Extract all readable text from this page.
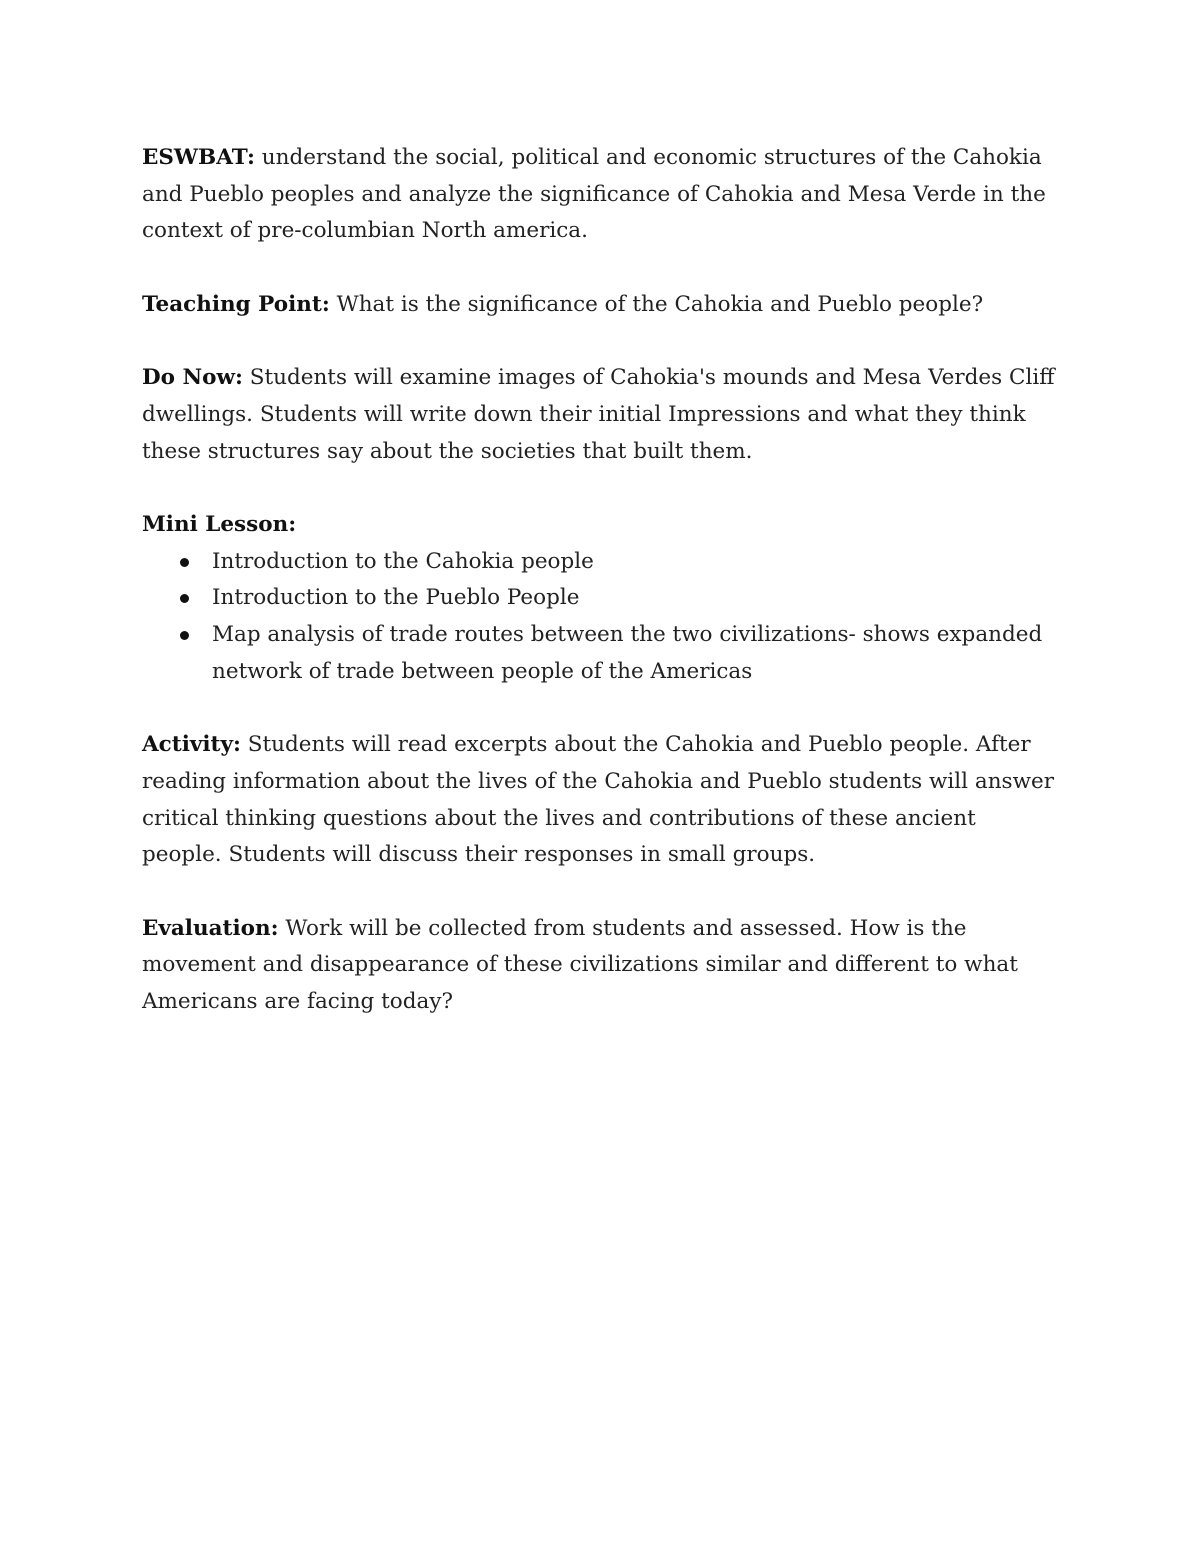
ESWBAT: understand the social, political and economic structures of the Cahokia and Pueblo peoples and analyze the significance of Cahokia and Mesa Verde in the context of pre-columbian North america.

Teaching Point: What is the significance of the Cahokia and Pueblo people?

Do Now: Students will examine images of Cahokia's mounds and Mesa Verdes Cliff dwellings. Students will write down their initial Impressions and what they think these structures say about the societies that built them.

Mini Lesson:

Introduction to the Cahokia people
Introduction to the Pueblo People
Map analysis of trade routes between the two civilizations- shows expanded network of trade between people of the Americas

Activity: Students will read excerpts about the Cahokia and Pueblo people. After reading information about the lives of the Cahokia and Pueblo students will answer critical thinking questions about the lives and contributions of these ancient people. Students will discuss their responses in small groups.

Evaluation: Work will be collected from students and assessed. How is the movement and disappearance of these civilizations similar and different to what Americans are facing today?
